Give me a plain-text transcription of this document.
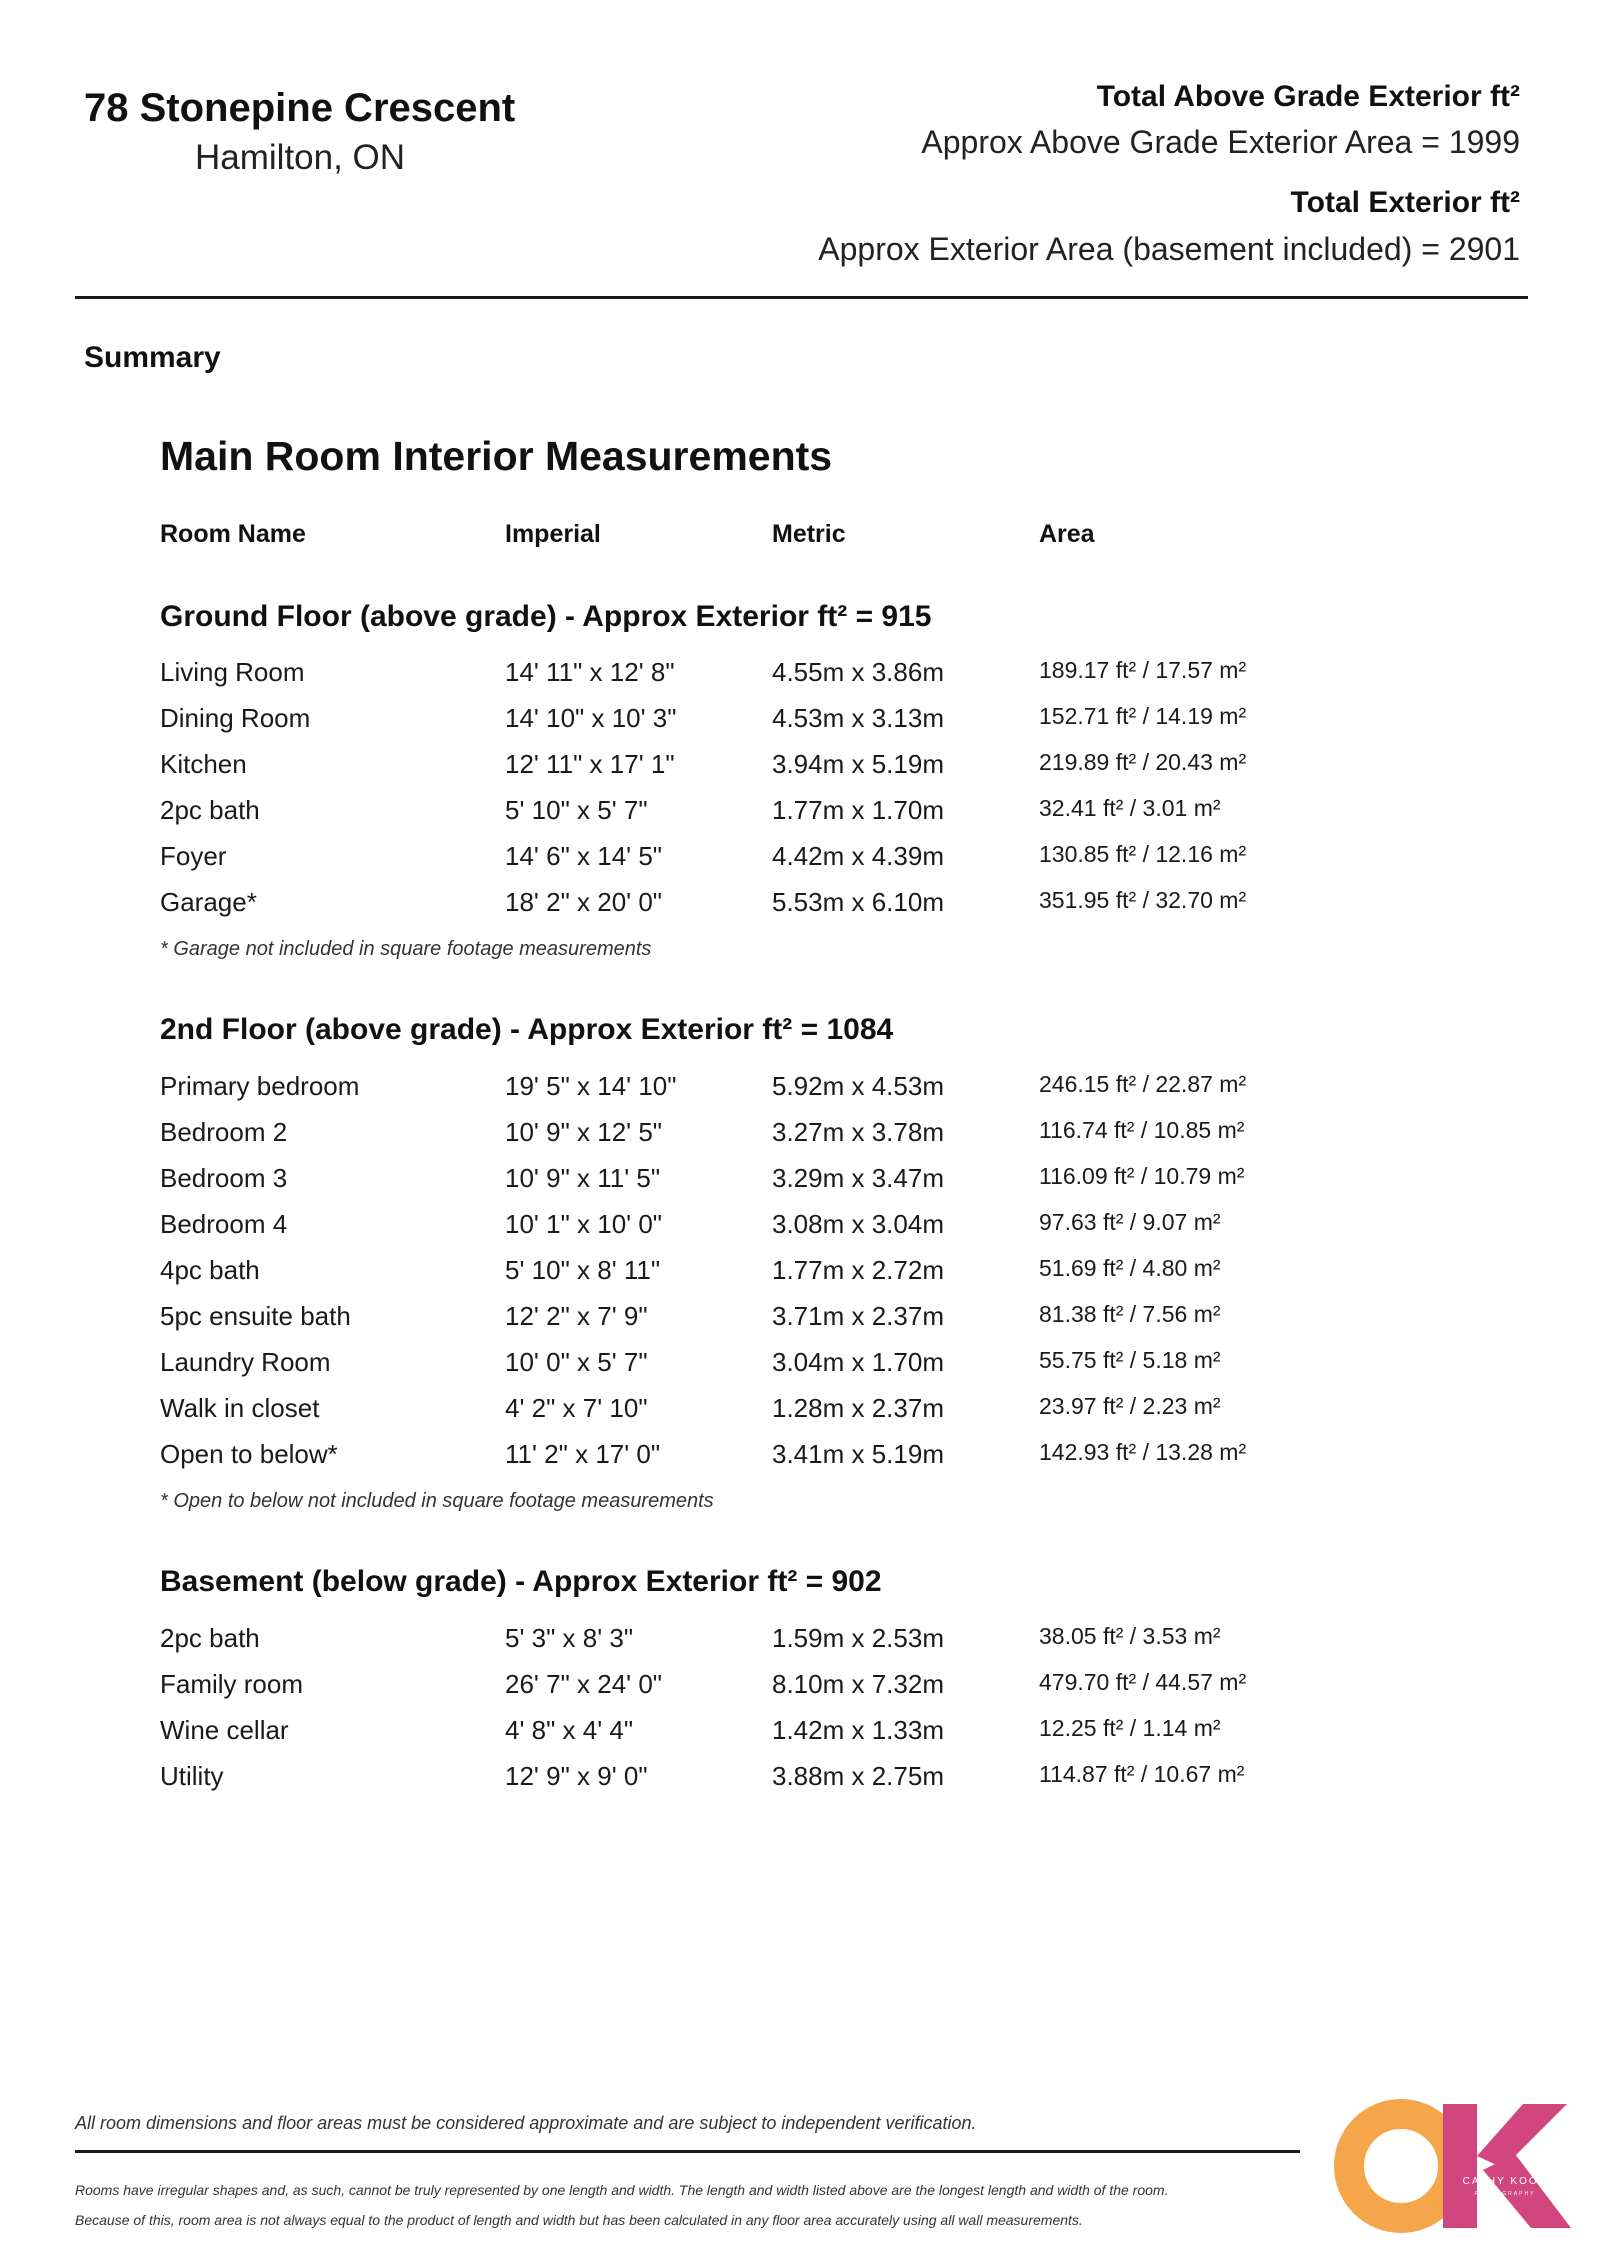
78 Stonepine Crescent
Hamilton, ON
Total Above Grade Exterior ft²
Approx Above Grade Exterior Area = 1999
Total Exterior ft²
Approx Exterior Area (basement included) = 2901
Summary
Main Room Interior Measurements
Room Name	Imperial	Metric	Area
Ground Floor (above grade) - Approx Exterior ft² = 915
Living Room	14' 11" x 12' 8"	4.55m x 3.86m	189.17 ft² / 17.57 m²
Dining Room	14' 10" x 10' 3"	4.53m x 3.13m	152.71 ft² / 14.19 m²
Kitchen	12' 11" x 17' 1"	3.94m x 5.19m	219.89 ft² / 20.43 m²
2pc bath	5' 10" x 5' 7"	1.77m x 1.70m	32.41 ft² / 3.01 m²
Foyer	14' 6" x 14' 5"	4.42m x 4.39m	130.85 ft² / 12.16 m²
Garage*	18' 2" x 20' 0"	5.53m x 6.10m	351.95 ft² / 32.70 m²
* Garage not included in square footage measurements
2nd Floor (above grade) - Approx Exterior ft² = 1084
Primary bedroom	19' 5" x 14' 10"	5.92m x 4.53m	246.15 ft² / 22.87 m²
Bedroom 2	10' 9" x 12' 5"	3.27m x 3.78m	116.74 ft² / 10.85 m²
Bedroom 3	10' 9" x 11' 5"	3.29m x 3.47m	116.09 ft² / 10.79 m²
Bedroom 4	10' 1" x 10' 0"	3.08m x 3.04m	97.63 ft² / 9.07 m²
4pc bath	5' 10" x 8' 11"	1.77m x 2.72m	51.69 ft² / 4.80 m²
5pc ensuite bath	12' 2" x 7' 9"	3.71m x 2.37m	81.38 ft² / 7.56 m²
Laundry Room	10' 0" x 5' 7"	3.04m x 1.70m	55.75 ft² / 5.18 m²
Walk in closet	4' 2" x 7' 10"	1.28m x 2.37m	23.97 ft² / 2.23 m²
Open to below*	11' 2" x 17' 0"	3.41m x 5.19m	142.93 ft² / 13.28 m²
* Open to below not included in square footage measurements
Basement (below grade) - Approx Exterior ft² = 902
2pc bath	5' 3" x 8' 3"	1.59m x 2.53m	38.05 ft² / 3.53 m²
Family room	26' 7" x 24' 0"	8.10m x 7.32m	479.70 ft² / 44.57 m²
Wine cellar	4' 8" x 4' 4"	1.42m x 1.33m	12.25 ft² / 1.14 m²
Utility	12' 9" x 9' 0"	3.88m x 2.75m	114.87 ft² / 10.67 m²
All room dimensions and floor areas must be considered approximate and are subject to independent verification.
Rooms have irregular shapes and, as such, cannot be truly represented by one length and width. The length and width listed above are the longest length and width of the room.
Because of this, room area is not always equal to the product of length and width but has been calculated in any floor area accurately using all wall measurements.
CATHY KOOP
PHOTOGRAPHY
